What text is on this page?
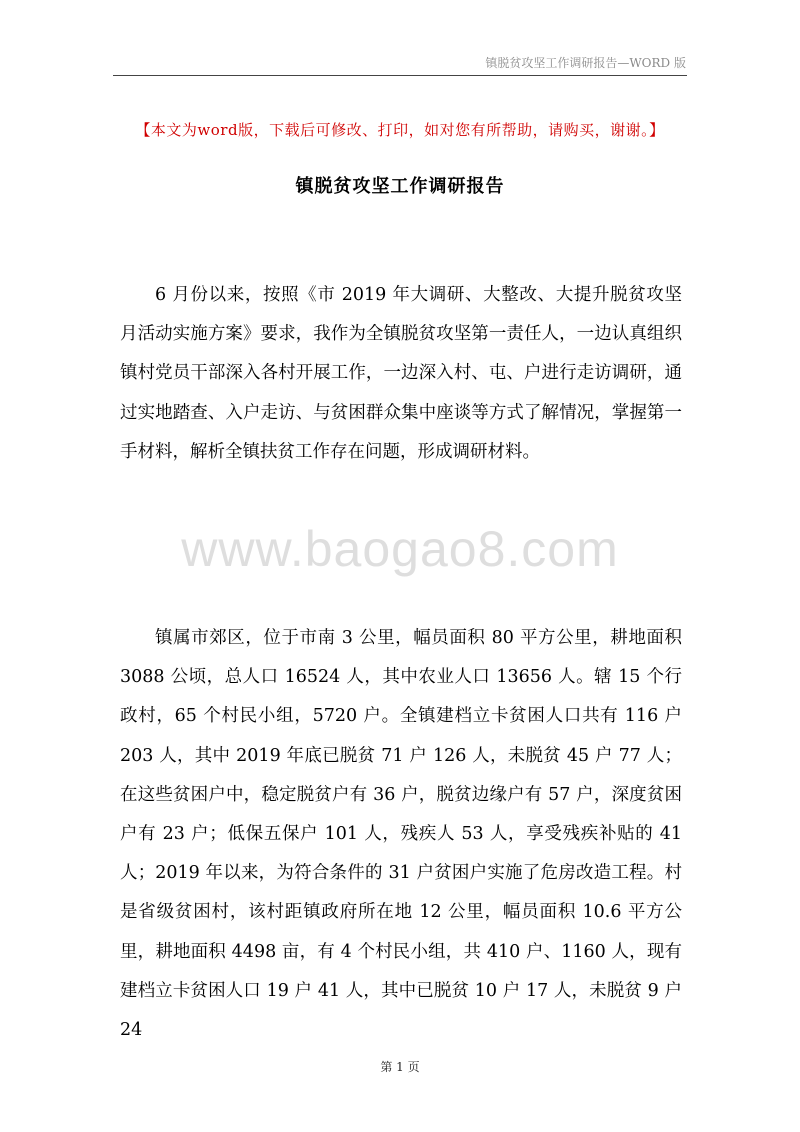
镇脱贫攻坚工作调研报告—WORD 版
【本文为word版，下载后可修改、打印，如对您有所帮助，请购买，谢谢。】
镇脱贫攻坚工作调研报告

6 月份以来，按照《市 2019 年大调研、大整改、大提升脱贫攻坚月活动实施方案》要求，我作为全镇脱贫攻坚第一责任人，一边认真组织镇村党员干部深入各村开展工作，一边深入村、屯、户进行走访调研，通过实地踏查、入户走访、与贫困群众集中座谈等方式了解情况，掌握第一手材料，解析全镇扶贫工作存在问题，形成调研材料。

www.baogao8.com

镇属市郊区，位于市南 3 公里，幅员面积 80 平方公里，耕地面积 3088 公顷，总人口 16524 人，其中农业人口 13656 人。辖 15 个行政村，65 个村民小组，5720 户。全镇建档立卡贫困人口共有 116 户 203 人，其中 2019 年底已脱贫 71 户 126 人，未脱贫 45 户 77 人；在这些贫困户中，稳定脱贫户有 36 户，脱贫边缘户有 57 户，深度贫困户有 23 户；低保五保户 101 人，残疾人 53 人，享受残疾补贴的 41 人；2019 年以来，为符合条件的 31 户贫困户实施了危房改造工程。村是省级贫困村，该村距镇政府所在地 12 公里，幅员面积 10.6 平方公里，耕地面积 4498 亩，有 4 个村民小组，共 410 户、1160 人，现有建档立卡贫困人口 19 户 41 人，其中已脱贫 10 户 17 人，未脱贫 9 户 24

第 1 页
